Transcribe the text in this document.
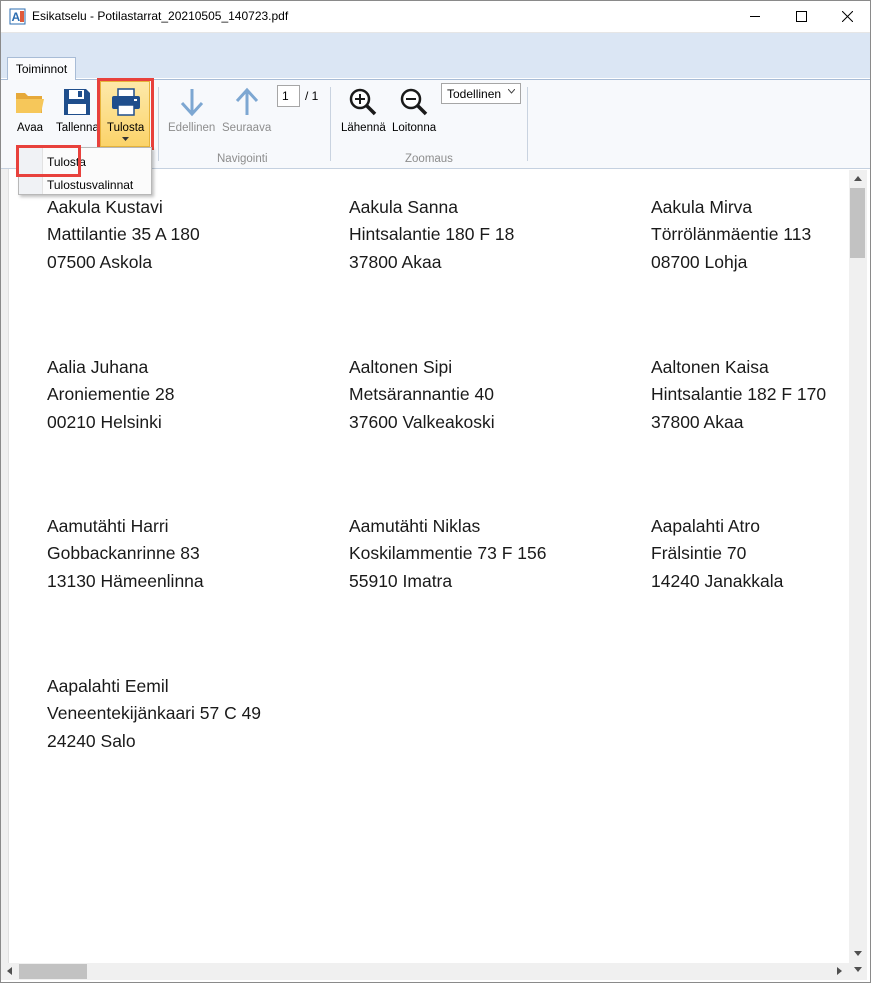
A Esikatselu - Potilastarrat_20210505_140723.pdf
Toiminnot
Avaa Tallenna Tulosta Edellinen Seuraava
1	/ 1
Navigointi
Lähennä Loitonna
Todellinen
Zoomaus
Aakula Kustavi
Mattilantie 35 A 180
07500 Askola
Aakula Sanna
Hintsalantie 180 F 18
37800 Akaa
Aakula Mirva
Törrölänmäentie 113
08700 Lohja
Aalia Juhana
Aroniementie 28
00210 Helsinki
Aaltonen Sipi
Metsärannantie 40
37600 Valkeakoski
Aaltonen Kaisa
Hintsalantie 182 F 170
37800 Akaa
Aamutähti Harri
Gobbackanrinne 83
13130 Hämeenlinna
Aamutähti Niklas
Koskilammentie 73 F 156
55910 Imatra
Aapalahti Atro
Frälsintie 70
14240 Janakkala
Aapalahti Eemil
Veneentekijänkaari 57 C 49
24240 Salo
Tulosta
Tulostusvalinnat
